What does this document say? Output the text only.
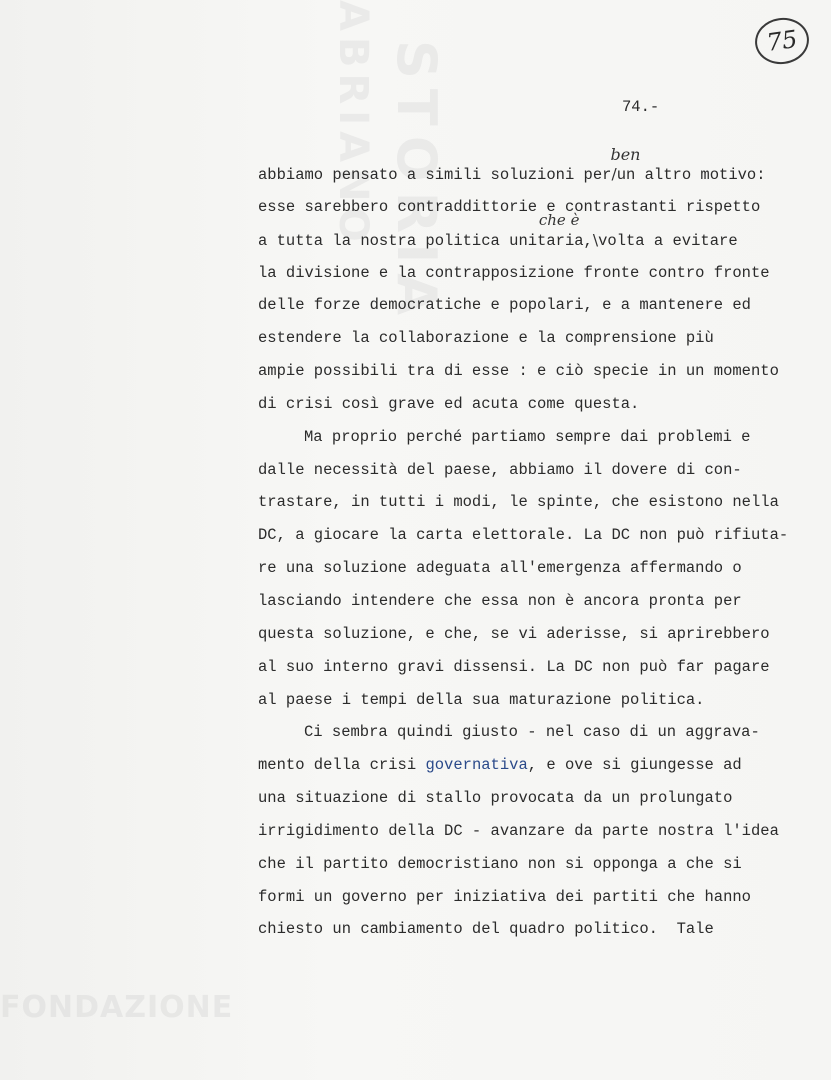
ABRIANO STORIA
FONDAZIONE
75
74.-
abbiamo pensato a simili soluzioni per
ben
/un altro motivo:
esse sarebbero contraddittorie e contrastanti rispetto
a tutta la nostra politica unitaria,
che è
\volta a evitare
la divisione e la contrapposizione fronte contro fronte
delle forze democratiche e popolari, e a mantenere ed
estendere la collaborazione e la comprensione più
ampie possibili tra di esse : e ciò specie in un momento
di crisi così grave ed acuta come questa.
Ma proprio perché partiamo sempre dai problemi e
dalle necessità del paese, abbiamo il dovere di con-
trastare, in tutti i modi, le spinte, che esistono nella
DC, a giocare la carta elettorale. La DC non può rifiuta-
re una soluzione adeguata all'emergenza affermando o
lasciando intendere che essa non è ancora pronta per
questa soluzione, e che, se vi aderisse, si aprirebbero
al suo interno gravi dissensi. La DC non può far pagare
al paese i tempi della sua maturazione politica.
Ci sembra quindi giusto - nel caso di un aggrava-
mento della crisi governativa, e ove si giungesse ad
una situazione di stallo provocata da un prolungato
irrigidimento della DC - avanzare da parte nostra l'idea
che il partito democristiano non si opponga a che si
formi un governo per iniziativa dei partiti che hanno
chiesto un cambiamento del quadro politico.  Tale
